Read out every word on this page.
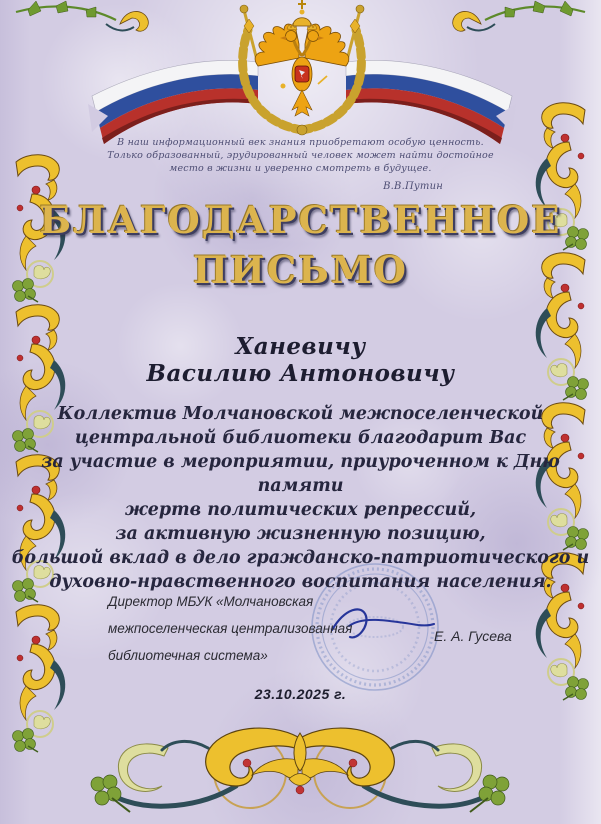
В наш информационный век знания приобретают особую ценность.
Только образованный, эрудированный человек может найти достойное
место в жизни и уверенно смотреть в будущее.
В.В.Путин
БЛАГОДАРСТВЕННОЕ
ПИСЬМО
Ханевичу
Василию Антоновичу
Коллектив Молчановской межпоселенческой
центральной библиотеки благодарит Вас
за участие в мероприятии, приуроченном к Дню памяти
жертв политических репрессий,
за активную жизненную позицию,
большой вклад в дело гражданско-патриотического и
духовно-нравственного воспитания населения.
Директор МБУК «Молчановская
межпоселенческая централизованная
библиотечная система»
Е. А. Гусева
23.10.2025 г.
